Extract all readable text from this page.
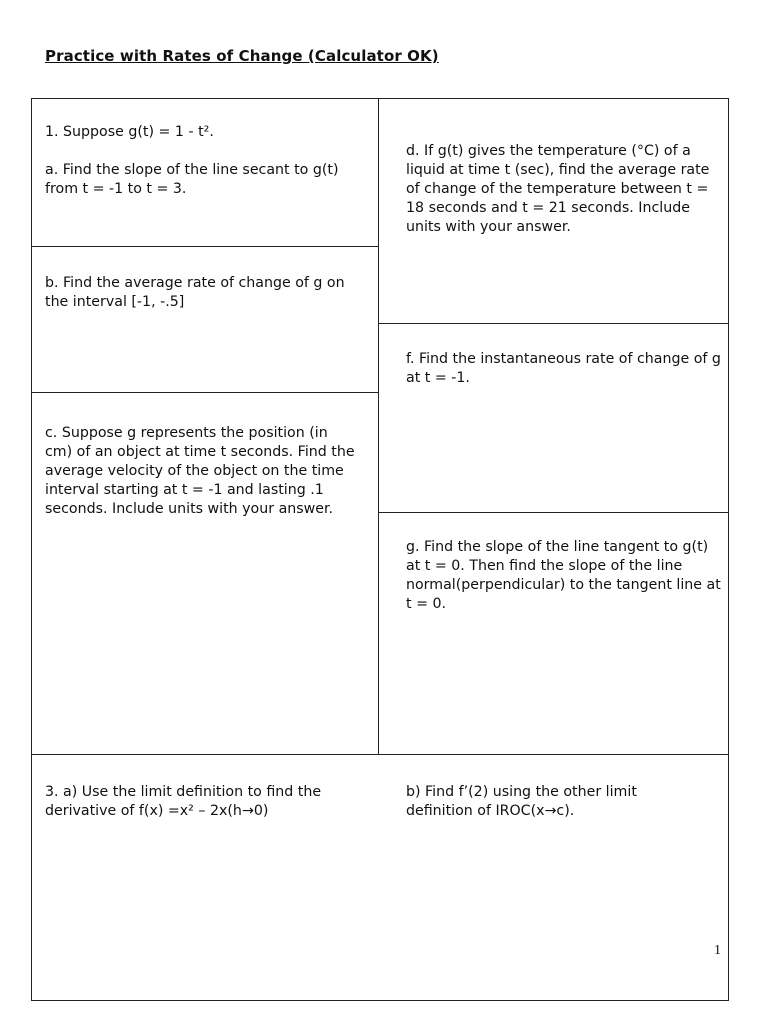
Practice with Rates of Change (Calculator OK)

1. Suppose g(t) = 1 - t².

a. Find the slope of the line secant to g(t) from t = -1 to t = 3.

d. If g(t) gives the temperature (°C) of a liquid at time t (sec), find the average rate of change of the temperature between t = 18 seconds and t = 21 seconds. Include units with your answer.

b. Find the average rate of change of g on the interval [-1, -.5]

f. Find the instantaneous rate of change of g at t = -1.

c. Suppose g represents the position (in cm) of an object at time t seconds. Find the average velocity of the object on the time interval starting at t = -1 and lasting .1 seconds. Include units with your answer.

g. Find the slope of the line tangent to g(t) at t = 0. Then find the slope of the line normal(perpendicular) to the tangent line at t = 0.

3. a) Use the limit definition to find the derivative of f(x) =x² – 2x(h→0)

b) Find f’(2) using the other limit definition of IROC(x→c).

1
